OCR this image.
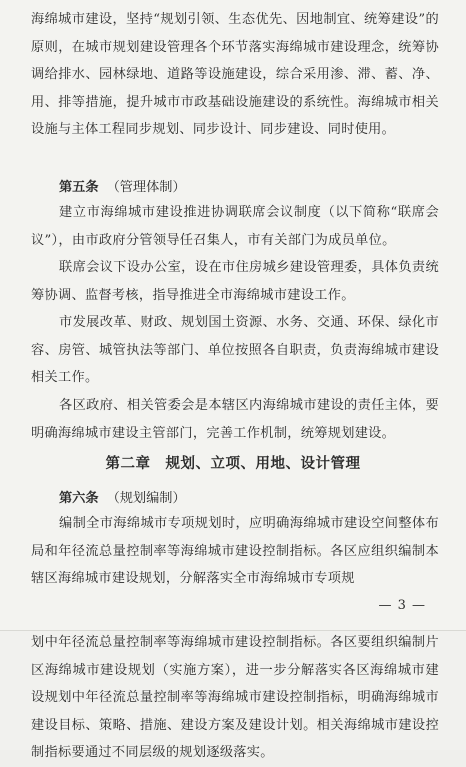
海绵城市建设，坚持“规划引领、生态优先、因地制宜、统筹建设”的原则，在城市规划建设管理各个环节落实海绵城市建设理念，统筹协调给排水、园林绿地、道路等设施建设，综合采用渗、滞、蓄、净、用、排等措施，提升城市市政基础设施建设的系统性。海绵城市相关设施与主体工程同步规划、同步设计、同步建设、同时使用。

第五条 （管理体制）

建立市海绵城市建设推进协调联席会议制度（以下简称“联席会议”），由市政府分管领导任召集人，市有关部门为成员单位。

联席会议下设办公室，设在市住房城乡建设管理委，具体负责统筹协调、监督考核，指导推进全市海绵城市建设工作。

市发展改革、财政、规划国土资源、水务、交通、环保、绿化市容、房管、城管执法等部门、单位按照各自职责，负责海绵城市建设相关工作。

各区政府、相关管委会是本辖区内海绵城市建设的责任主体，要明确海绵城市建设主管部门，完善工作机制，统筹规划建设。

第二章　规划、立项、用地、设计管理

第六条 （规划编制）

编制全市海绵城市专项规划时，应明确海绵城市建设空间整体布局和年径流总量控制率等海绵城市建设控制指标。各区应组织编制本辖区海绵城市建设规划，分解落实全市海绵城市专项规

— 3 —

划中年径流总量控制率等海绵城市建设控制指标。各区要组织编制片区海绵城市建设规划（实施方案），进一步分解落实各区海绵城市建设规划中年径流总量控制率等海绵城市建设控制指标，明确海绵城市建设目标、策略、措施、建设方案及建设计划。相关海绵城市建设控制指标要通过不同层级的规划逐级落实。
